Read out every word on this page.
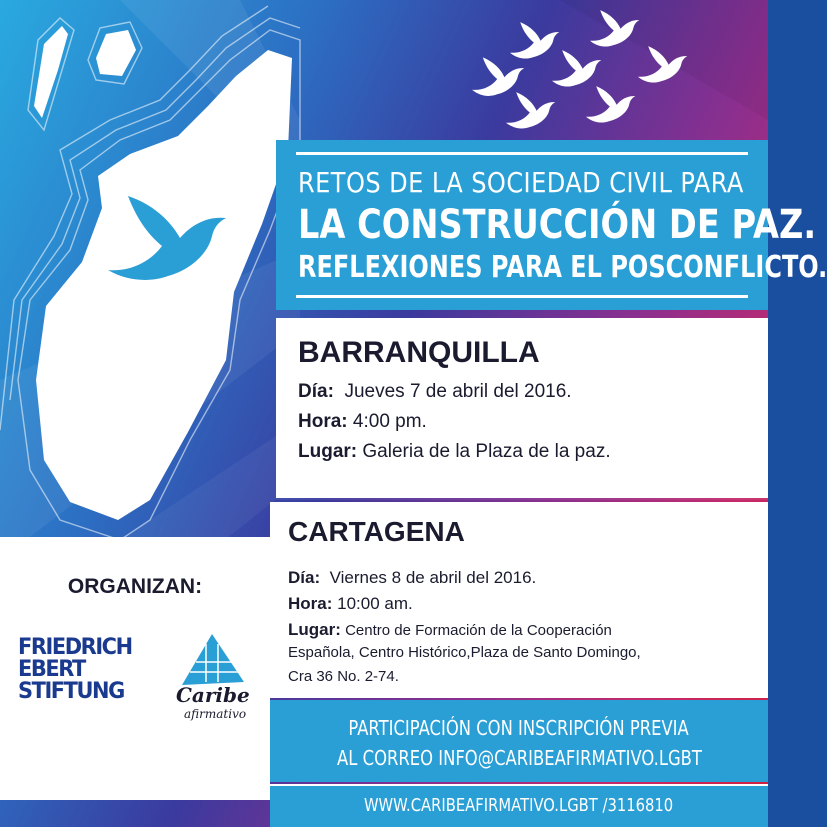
RETOS DE LA SOCIEDAD CIVIL PARA
LA CONSTRUCCIÓN DE PAZ.
REFLEXIONES PARA EL POSCONFLICTO.
BARRANQUILLA
Día: Jueves 7 de abril del 2016.
Hora: 4:00 pm.
Lugar: Galeria de la Plaza de la paz.
ORGANIZAN:
FRIEDRICH
EBERT
STIFTUNG	Caribe
afirmativo
CARTAGENA
Día: Viernes 8 de abril del 2016.
Hora: 10:00 am.
Lugar: Centro de Formación de la Cooperación
Española, Centro Histórico,Plaza de Santo Domingo,
Cra 36 No. 2-74.
PARTICIPACIÓN CON INSCRIPCIÓN PREVIA
AL CORREO INFO@CARIBEAFIRMATIVO.LGBT
WWW.CARIBEAFIRMATIVO.LGBT /3116810
